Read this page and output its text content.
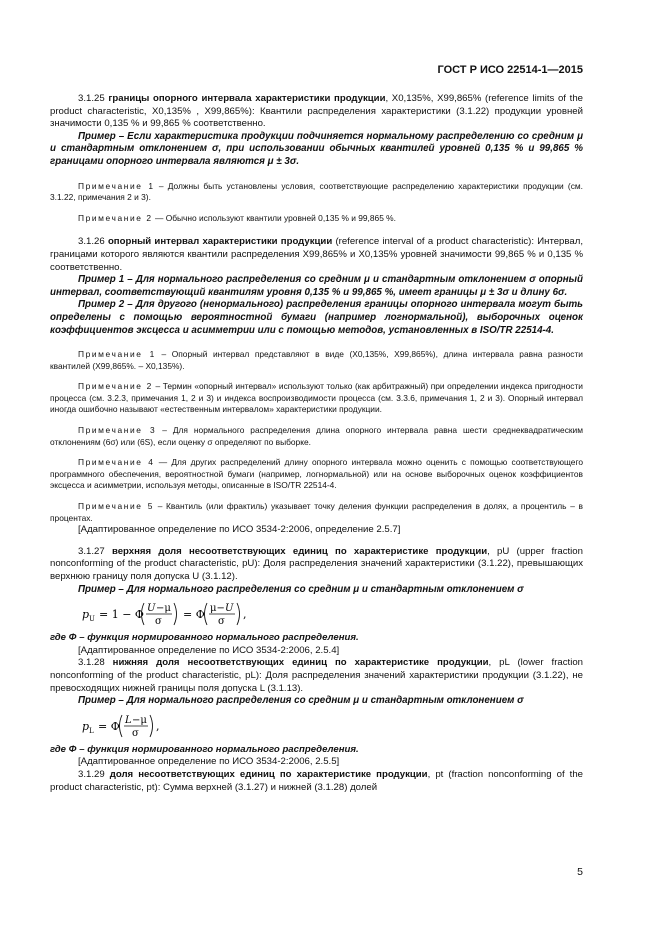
ГОСТ Р ИСО 22514-1—2015

3.1.25 границы опорного интервала характеристики продукции, X0,135%, X99,865% (reference limits of the product characteristic, X0,135% , X99,865%): Квантили распределения характеристики (3.1.22) продукции уровней значимости 0,135 % и 99,865 % соответственно.

Пример – Если характеристика продукции подчиняется нормальному распределению со средним μ и стандартным отклонением σ, при использовании обычных квантилей уровней 0,135 % и 99,865 % границами опорного интервала являются μ ± 3σ.

Примечание 1 – Должны быть установлены условия, соответствующие распределению характеристики продукции (см. 3.1.22, примечания 2 и 3).

Примечание 2 — Обычно используют квантили уровней 0,135 % и 99,865 %.

3.1.26 опорный интервал характеристики продукции (reference interval of a product characteristic): Интервал, границами которого являются квантили распределения X99,865% и X0,135% уровней значимости 99,865 % и 0,135 % соответственно.

Пример 1 – Для нормального распределения со средним μ и стандартным отклонением σ опорный интервал, соответствующий квантилям уровня 0,135 % и 99,865 %, имеет границы μ ± 3σ и длину 6σ.

Пример 2 – Для другого (ненормального) распределения границы опорного интервала могут быть определены с помощью вероятностной бумаги (например логнормальной), выборочных оценок коэффициентов эксцесса и асимметрии или с помощью методов, установленных в ISO/TR 22514-4.

Примечание 1 – Опорный интервал представляют в виде (X0,135%, X99,865%), длина интервала равна разности квантилей (X99,865%. – X0,135%).

Примечание 2 – Термин «опорный интервал» используют только (как арбитражный) при определении индекса пригодности процесса (см. 3.2.3, примечания 1, 2 и 3) и индекса воспроизводимости процесса (см. 3.3.6, примечания 1, 2 и 3). Опорный интервал иногда ошибочно называют «естественным интервалом» характеристики продукции.

Примечание 3 – Для нормального распределения длина опорного интервала равна шести среднеквадратическим отклонениям (6σ) или (6S), если оценку σ определяют по выборке.

Примечание 4 — Для других распределений длину опорного интервала можно оценить с помощью соответствующего программного обеспечения, вероятностной бумаги (например, логнормальной) или на основе выборочных оценок коэффициентов эксцесса и асимметрии, используя методы, описанные в ISO/TR 22514-4.

Примечание 5 – Квантиль (или фрактиль) указывает точку деления функции распределения в долях, а процентиль – в процентах.

[Адаптированное определение по ИСО 3534-2:2006, определение 2.5.7]

3.1.27 верхняя доля несоответствующих единиц по характеристике продукции, pU (upper fraction nonconforming of the product characteristic, pU): Доля распределения значений характеристики (3.1.22), превышающих верхнюю границу поля допуска U (3.1.12).

Пример – Для нормального распределения со средним μ и стандартным отклонением σ

p U = 1 − Φ U −μ
σ
= Φ μ− U
σ
,

где Φ – функция нормированного нормального распределения.

[Адаптированное определение по ИСО 3534-2:2006, 2.5.4]

3.1.28 нижняя доля несоответствующих единиц по характеристике продукции, pL (lower fraction nonconforming of the product characteristic, pL): Доля распределения значений характеристики продукции (3.1.22), не превосходящих нижней границы поля допуска L (3.1.13).

Пример – Для нормального распределения со средним μ и стандартным отклонением σ

p L = Φ L −μ
σ
,

где Φ – функция нормированного нормального распределения.

[Адаптированное определение по ИСО 3534-2:2006, 2.5.5]

3.1.29 доля несоответствующих единиц по характеристике продукции, pt (fraction nonconforming of the product characteristic, pt): Сумма верхней (3.1.27) и нижней (3.1.28) долей

5
